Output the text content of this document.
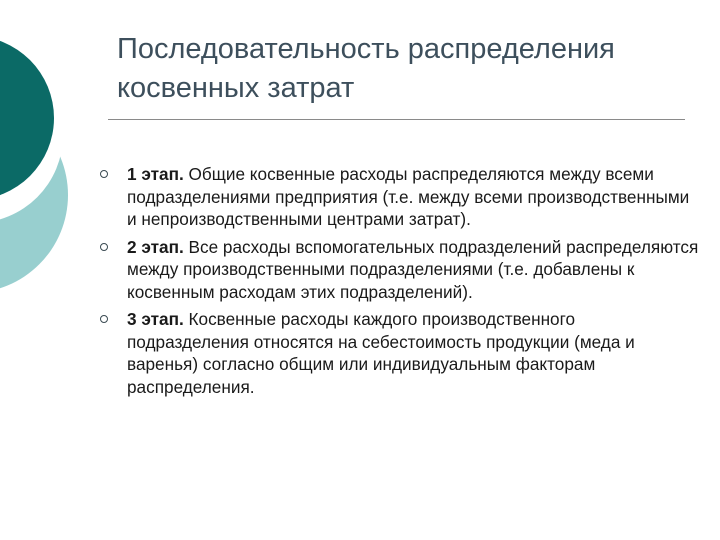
Последовательность распределения
косвенных затрат
1 этап. Общие косвенные расходы распределяются между всеми подразделениями предприятия (т.е. между всеми производственными и непроизводственными центрами затрат).
2 этап. Все расходы вспомогательных подразделений распределяются между производственными подразделениями (т.е. добавлены к косвенным расходам этих подразделений).
3 этап. Косвенные расходы каждого производственного подразделения относятся на себестоимость продукции (меда и варенья) согласно общим или индивидуальным факторам распределения.
